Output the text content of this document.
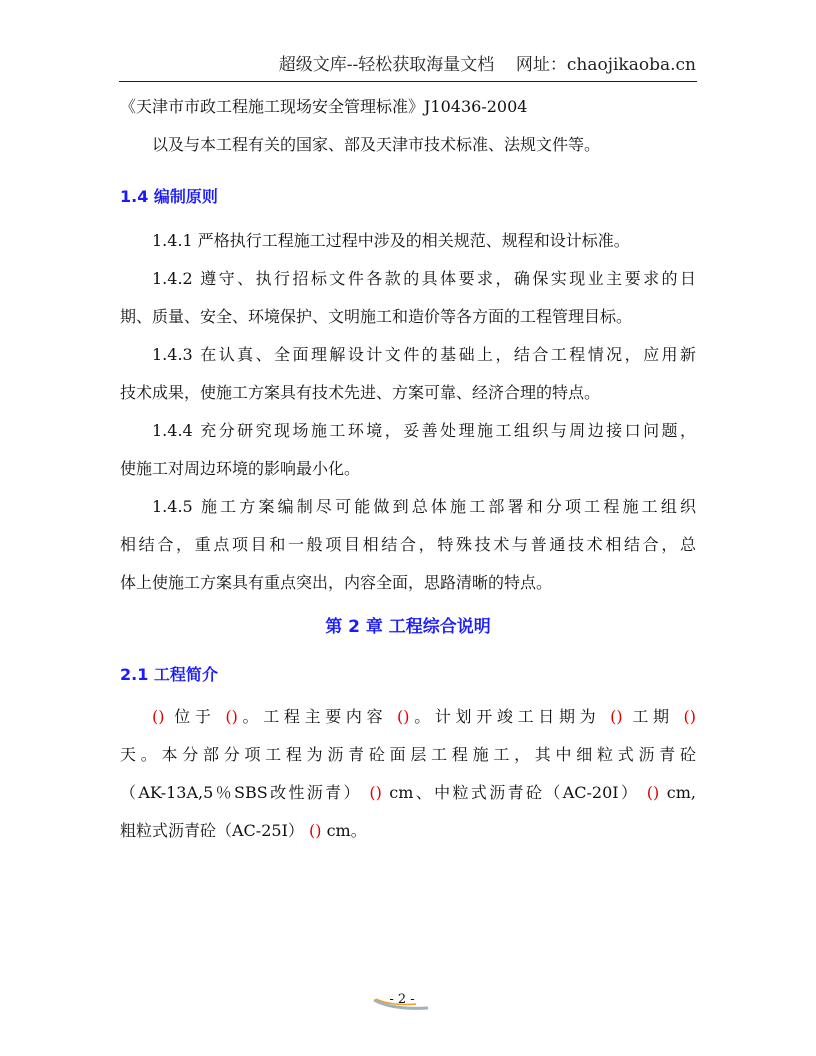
超级文库--轻松获取海量文档 网址：chaojikaoba.cn
《天津市市政工程施工现场安全管理标准》J10436-2004
以及与本工程有关的国家、部及天津市技术标准、法规文件等。
1.4 编制原则
1.4.1 严格执行工程施工过程中涉及的相关规范、规程和设计标准。
1.4.2 遵守、执行招标文件各款的具体要求，确保实现业主要求的日
期、质量、安全、环境保护、文明施工和造价等各方面的工程管理目标。
1.4.3 在认真、全面理解设计文件的基础上，结合工程情况，应用新
技术成果，使施工方案具有技术先进、方案可靠、经济合理的特点。
1.4.4 充分研究现场施工环境，妥善处理施工组织与周边接口问题，
使施工对周边环境的影响最小化。
1.4.5 施工方案编制尽可能做到总体施工部署和分项工程施工组织
相结合，重点项目和一般项目相结合，特殊技术与普通技术相结合，总
体上使施工方案具有重点突出，内容全面，思路清晰的特点。
第 2 章 工程综合说明
2.1 工程简介
() 位于 ()。工程主要内容 ()。计划开竣工日期为 () 工期 ()
天。本分部分项工程为沥青砼面层工程施工，其中细粒式沥青砼
（AK-13A,5％SBS改性沥青） () cm、中粒式沥青砼（AC-20I） () cm,
粗粒式沥青砼（AC-25I） () cm。
- 2 -
